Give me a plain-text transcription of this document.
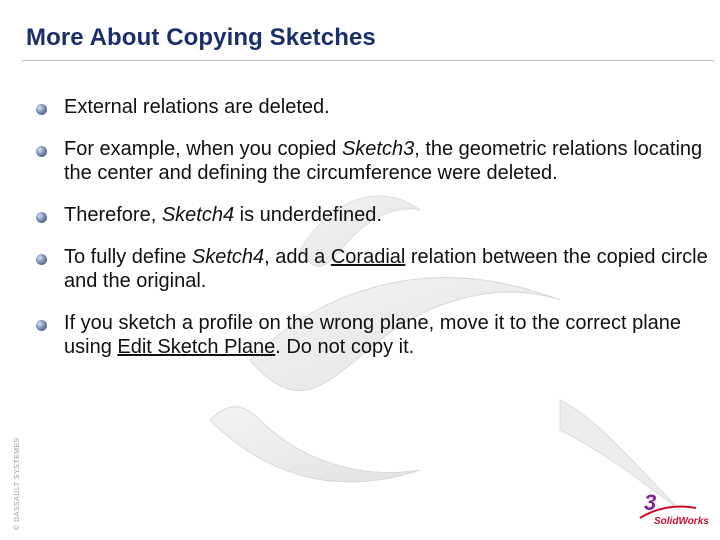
More About Copying Sketches
External relations are deleted.
For example, when you copied Sketch3, the geometric relations locating the center and defining the circumference were deleted.
Therefore, Sketch4 is underdefined.
To fully define Sketch4, add a Coradial relation between the copied circle and the original.
If you sketch a profile on the wrong plane, move it to the correct plane using Edit Sketch Plane. Do not copy it.
© DASSAULT SYSTEMES	3
SolidWorks
